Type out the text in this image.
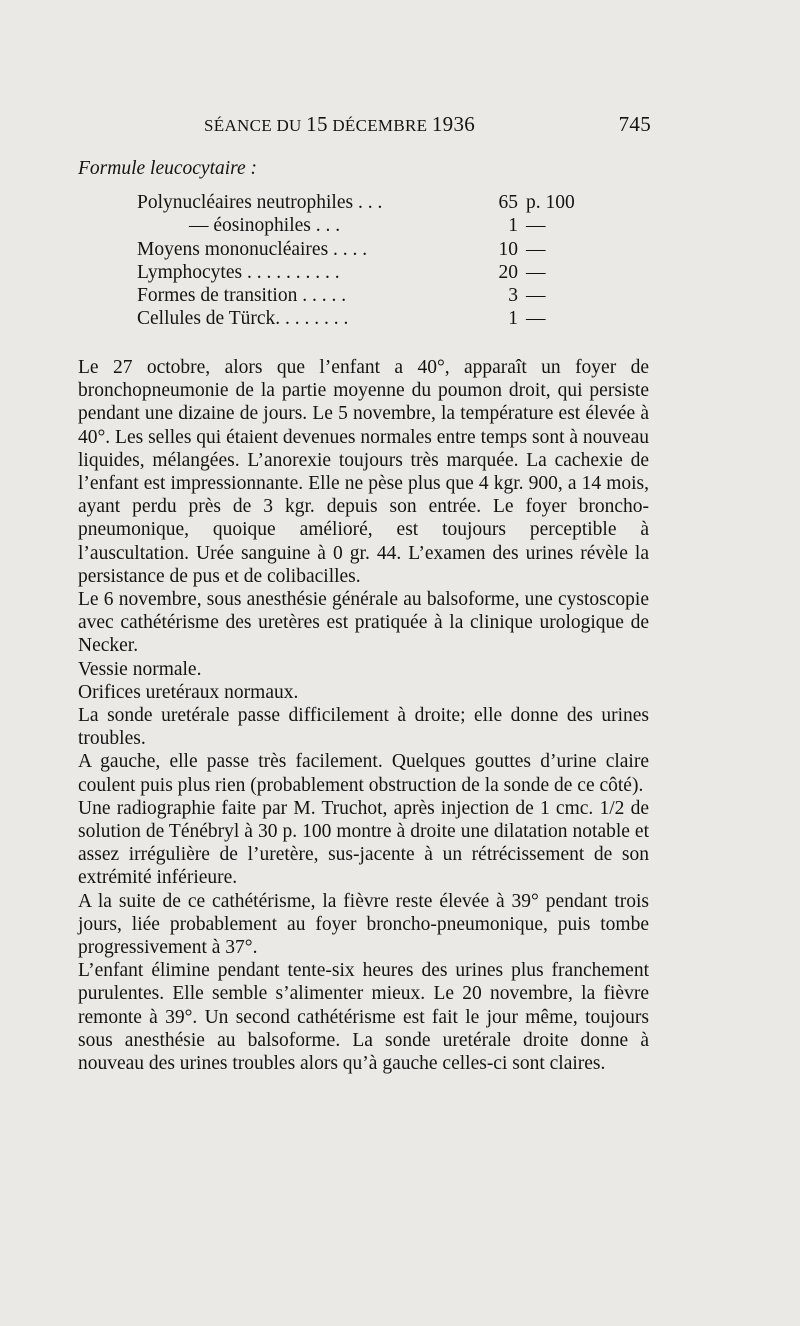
SÉANCE DU 15 DÉCEMBRE 1936	745
Formule leucocytaire :
Polynucléaires neutrophiles . . .	65 p. 100
— éosinophiles . . .	1 —
Moyens mononucléaires . . . .	10 —
Lymphocytes . . . . . . . . . .	20 —
Formes de transition . . . . .	3 —
Cellules de Türck. . . . . . . .	1 —

Le 27 octobre, alors que l’enfant a 40°, apparaît un foyer de bronchopneumonie de la partie moyenne du poumon droit, qui persiste pendant une dizaine de jours. Le 5 novembre, la température est élevée à 40°. Les selles qui étaient devenues normales entre temps sont à nouveau liquides, mélangées. L’anorexie toujours très marquée. La cachexie de l’enfant est impressionnante. Elle ne pèse plus que 4 kgr. 900, a 14 mois, ayant perdu près de 3 kgr. depuis son entrée. Le foyer broncho-pneumonique, quoique amélioré, est toujours perceptible à l’auscultation. Urée sanguine à 0 gr. 44. L’examen des urines révèle la persistance de pus et de colibacilles.

Le 6 novembre, sous anesthésie générale au balsoforme, une cystoscopie avec cathétérisme des uretères est pratiquée à la clinique urologique de Necker.

Vessie normale.

Orifices uretéraux normaux.

La sonde uretérale passe difficilement à droite; elle donne des urines troubles.

A gauche, elle passe très facilement. Quelques gouttes d’urine claire coulent puis plus rien (probablement obstruction de la sonde de ce côté).

Une radiographie faite par M. Truchot, après injection de 1 cmc. 1/2 de solution de Ténébryl à 30 p. 100 montre à droite une dilatation notable et assez irrégulière de l’uretère, sus-jacente à un rétrécissement de son extrémité inférieure.

A la suite de ce cathétérisme, la fièvre reste élevée à 39° pendant trois jours, liée probablement au foyer broncho-pneumonique, puis tombe progressivement à 37°.

L’enfant élimine pendant tente-six heures des urines plus franchement purulentes. Elle semble s’alimenter mieux. Le 20 novembre, la fièvre remonte à 39°. Un second cathétérisme est fait le jour même, toujours sous anesthésie au balsoforme. La sonde uretérale droite donne à nouveau des urines troubles alors qu’à gauche celles-ci sont claires.
